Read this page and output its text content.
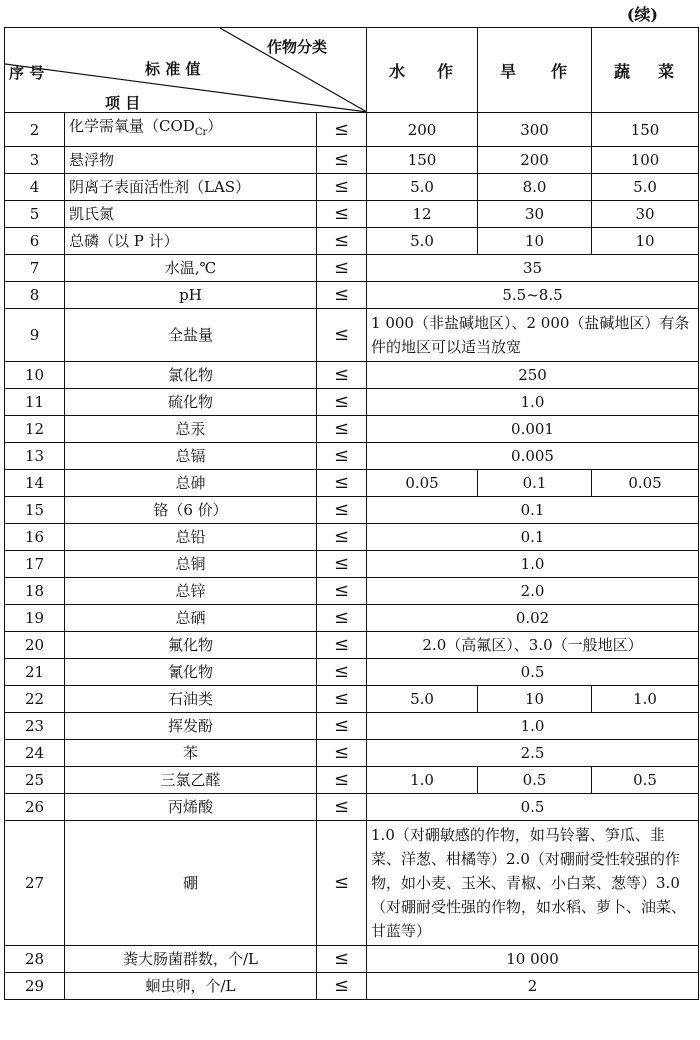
(续)
序 号 标 准 值
项 目
作物分类			水 作	旱 作	蔬 菜

2	化学需氧量$(COD_{Cr})$	≤	200	300	150
3	悬浮物	≤	150	200	100
4	阴离子表面活性剂（LAS）	≤	5.0	8.0	5.0
5	凯氏氮	≤	12	30	30
6	总磷（以 P 计）	≤	5.0	10	10
7	水温,℃	≤	35		
8	pH	≤	5.5~8.5		
9	全盐量	≤	1 000（非盐碱地区）、2 000（盐碱地区）有条件的地区可以适当放宽		
10	氯化物	≤	250		
11	硫化物	≤	1.0		
12	总汞	≤	0.001		
13	总镉	≤	0.005		
14	总砷	≤	0.05	0.1	0.05
15	铬（6 价）	≤	0.1		
16	总铅	≤	0.1		
17	总铜	≤	1.0		
18	总锌	≤	2.0		
19	总硒	≤	0.02		
20	氟化物	≤	2.0（高氟区）、3.0（一般地区）		
21	氰化物	≤	0.5		
22	石油类	≤	5.0	10	1.0
23	挥发酚	≤	1.0		
24	苯	≤	2.5		
25	三氯乙醛	≤	1.0	0.5	0.5
26	丙烯酸	≤	0.5		
27	硼	≤	1.0（对硼敏感的作物，如马铃薯、笋瓜、韭菜、洋葱、柑橘等）2.0（对硼耐受性较强的作物，如小麦、玉米、青椒、小白菜、葱等）3.0（对硼耐受性强的作物，如水稻、萝卜、油菜、甘蓝等）		
28	粪大肠菌群数，个/L	≤	10 000		
29	蛔虫卵，个/L	≤	2		
